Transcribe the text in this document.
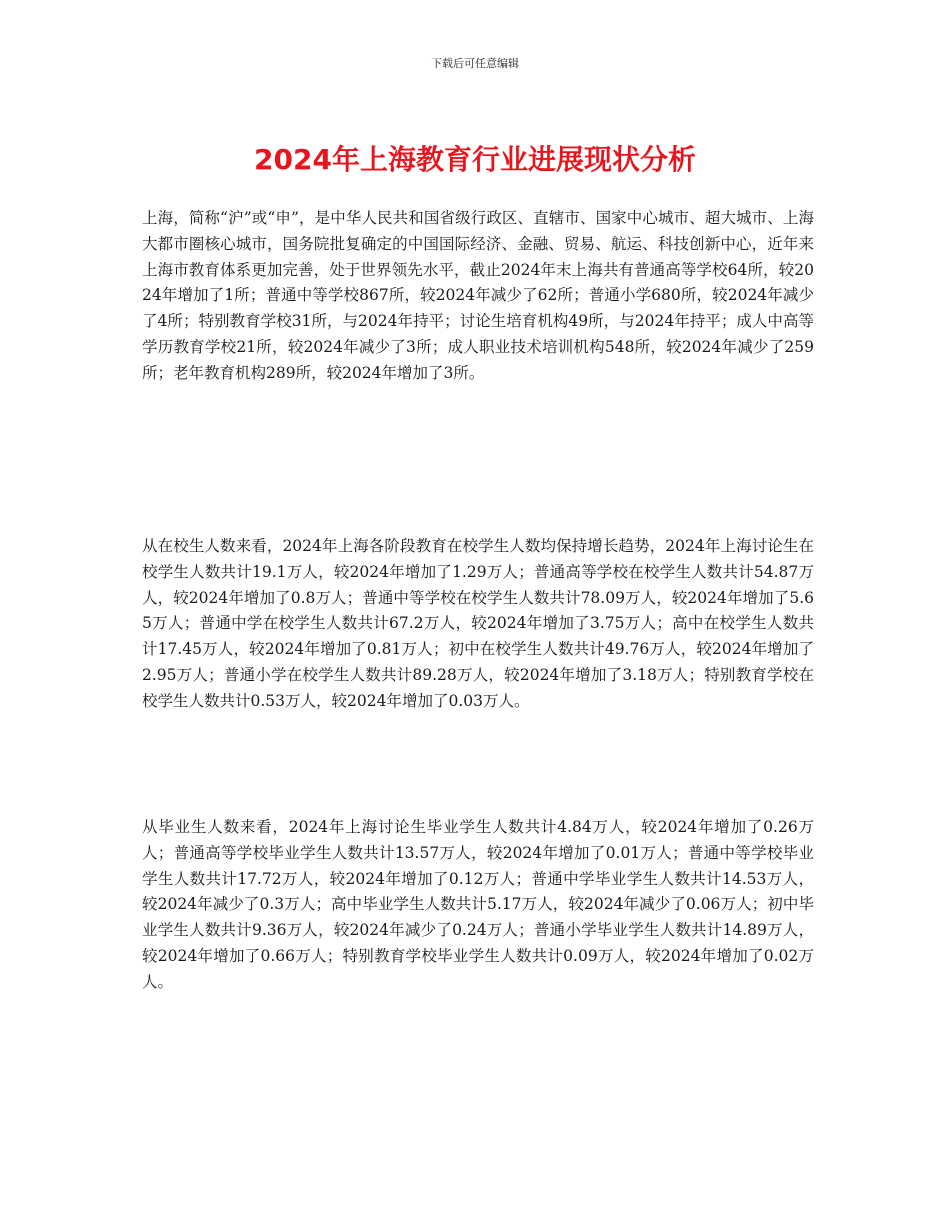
下载后可任意编辑
2024年上海教育行业进展现状分析

上海，简称“沪”或“申”，是中华人民共和国省级行政区、直辖市、国家中心城市、超大城市、上海大都市圈核心城市，国务院批复确定的中国国际经济、金融、贸易、航运、科技创新中心，近年来上海市教育体系更加完善，处于世界领先水平，截止2024年末上海共有普通高等学校64所，较2024年增加了1所；普通中等学校867所，较2024年减少了62所；普通小学680所，较2024年减少了4所；特别教育学校31所，与2024年持平；讨论生培育机构49所，与2024年持平；成人中高等学历教育学校21所，较2024年减少了3所；成人职业技术培训机构548所，较2024年减少了259所；老年教育机构289所，较2024年增加了3所。

从在校生人数来看，2024年上海各阶段教育在校学生人数均保持增长趋势，2024年上海讨论生在校学生人数共计19.1万人，较2024年增加了1.29万人；普通高等学校在校学生人数共计54.87万人，较2024年增加了0.8万人；普通中等学校在校学生人数共计78.09万人，较2024年增加了5.65万人；普通中学在校学生人数共计67.2万人，较2024年增加了3.75万人；高中在校学生人数共计17.45万人，较2024年增加了0.81万人；初中在校学生人数共计49.76万人，较2024年增加了2.95万人；普通小学在校学生人数共计89.28万人，较2024年增加了3.18万人；特别教育学校在校学生人数共计0.53万人，较2024年增加了0.03万人。

从毕业生人数来看，2024年上海讨论生毕业学生人数共计4.84万人，较2024年增加了0.26万人；普通高等学校毕业学生人数共计13.57万人，较2024年增加了0.01万人；普通中等学校毕业学生人数共计17.72万人，较2024年增加了0.12万人；普通中学毕业学生人数共计14.53万人，较2024年减少了0.3万人；高中毕业学生人数共计5.17万人，较2024年减少了0.06万人；初中毕业学生人数共计9.36万人，较2024年减少了0.24万人；普通小学毕业学生人数共计14.89万人，较2024年增加了0.66万人；特别教育学校毕业学生人数共计0.09万人，较2024年增加了0.02万人。
